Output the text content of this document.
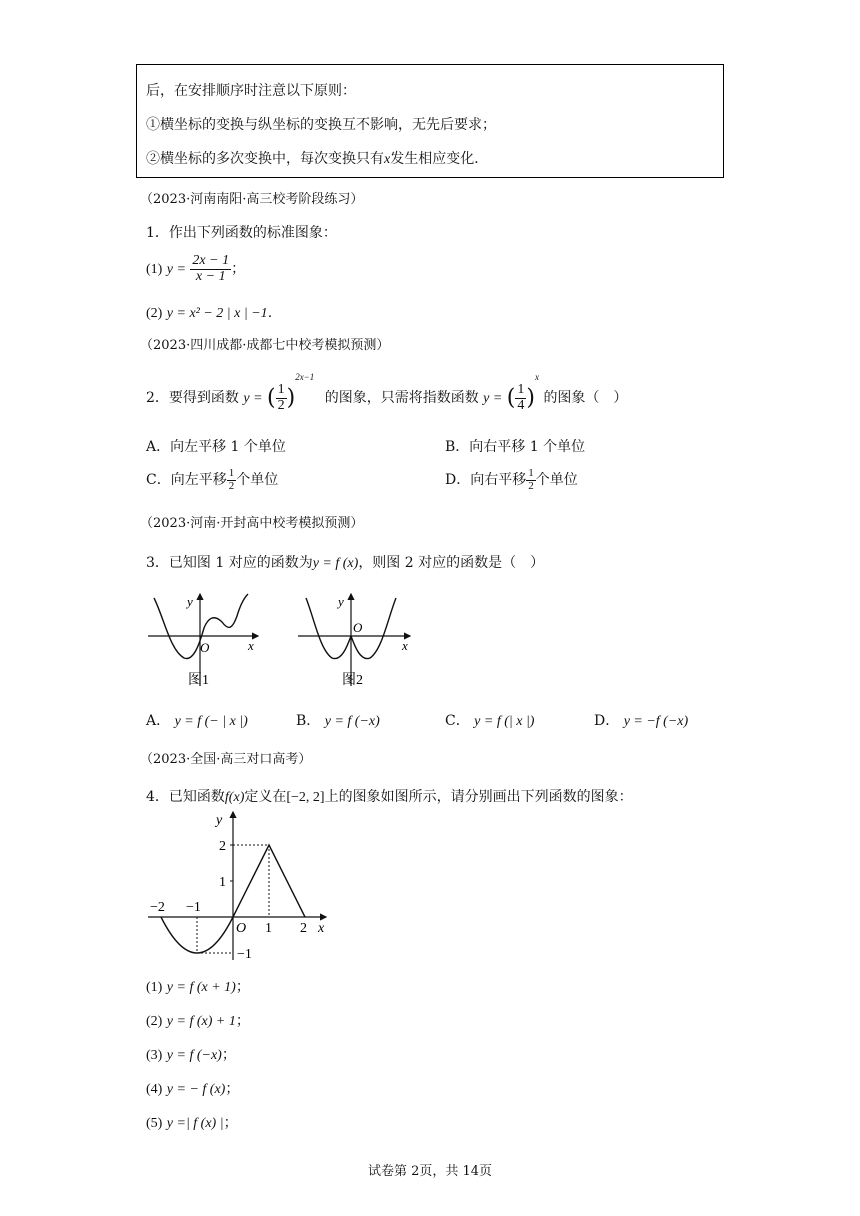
后，在安排顺序时注意以下原则：
①横坐标的变换与纵坐标的变换互不影响，无先后要求；
②横坐标的多次变换中，每次变换只有x发生相应变化．
（2023·河南南阳·高三校考阶段练习）
1．作出下列函数的标准图象：
(1) $y = \frac{2x - 1}{x - 1}$ ；
(2) y = x² − 2 | x | −1．
（2023·四川成都·成都七中校考模拟预测）
2．要得到函数 y = ( $\frac{1}{2} )^{2x-1}$ 的图象，只需将指数函数 y = ( $\frac{1}{4} )^x$ 的图象（　）
A．向左平移 1 个单位	B．向右平移 1 个单位
C．向左平移 $\frac{1}{2}$ 个单位	D．向右平移 $\frac{1}{2}$ 个单位
（2023·河南·开封高中校考模拟预测）
3．已知图 1 对应的函数为y = f (x)，则图 2 对应的函数是（　）
y
O	x
图1
y
O
x
图2
A． y = f (− | x |)	B． y = f (−x)	C． y = f (| x |)	D． y = −f (−x)
（2023·全国·高三对口高考）
4．已知函数f(x)定义在[−2, 2]上的图象如图所示，请分别画出下列函数的图象：
y
x
O
2
1
−2 −1
1 2
−1
(1) y = f (x + 1)；
(2) y = f (x) + 1；
(3) y = f (−x)；
(4) y = − f (x)；
(5) y =| f (x) |；
试卷第 2页，共 14页
